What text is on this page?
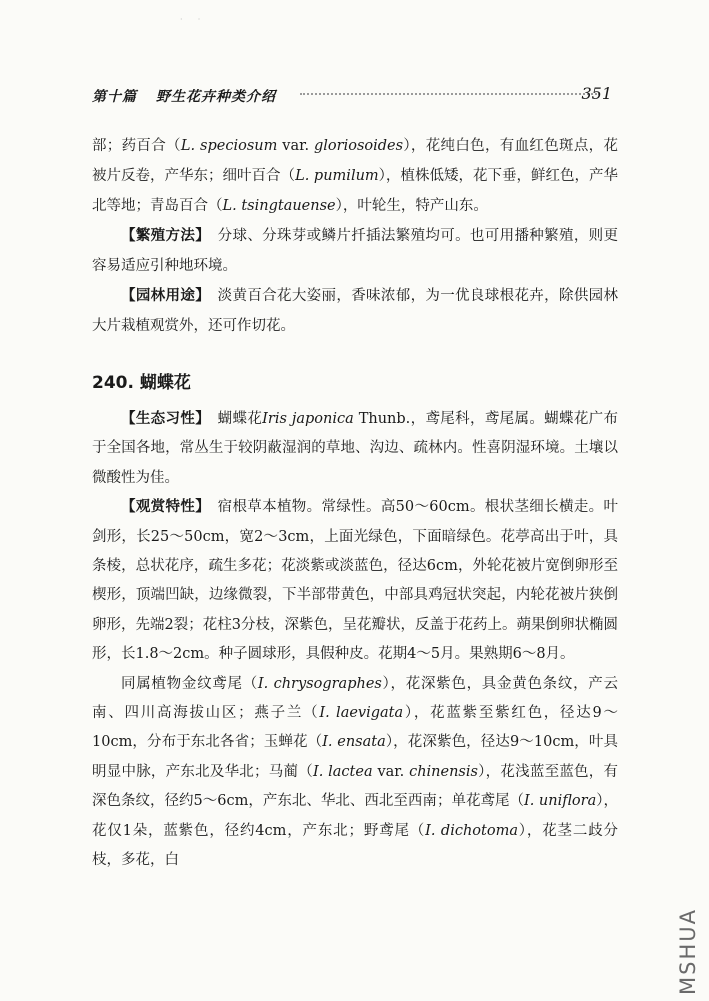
·      ·
第十篇 野生花卉种类介绍	351

部；药百合（L. speciosum var. gloriosoides），花纯白色，有血红色斑点，花被片反卷，产华东；细叶百合（L. pumilum），植株低矮，花下垂，鲜红色，产华北等地；青岛百合（L. tsingtauense），叶轮生，特产山东。

【繁殖方法】　分球、分珠芽或鳞片扦插法繁殖均可。也可用播种繁殖，则更容易适应引种地环境。

【园林用途】　淡黄百合花大姿丽，香味浓郁，为一优良球根花卉，除供园林大片栽植观赏外，还可作切花。

240. 蝴蝶花

【生态习性】　蝴蝶花Iris japonica Thunb.，鸢尾科，鸢尾属。蝴蝶花广布于全国各地，常丛生于较阴蔽湿润的草地、沟边、疏林内。性喜阴湿环境。土壤以微酸性为佳。

【观赏特性】　宿根草本植物。常绿性。高50～60cm。根状茎细长横走。叶剑形，长25～50cm，宽2～3cm，上面光绿色，下面暗绿色。花葶高出于叶，具条棱，总状花序，疏生多花；花淡紫或淡蓝色，径达6cm，外轮花被片宽倒卵形至楔形，顶端凹缺，边缘微裂，下半部带黄色，中部具鸡冠状突起，内轮花被片狭倒卵形，先端2裂；花柱3分枝，深紫色，呈花瓣状，反盖于花药上。蒴果倒卵状椭圆形，长1.8～2cm。种子圆球形，具假种皮。花期4～5月。果熟期6～8月。

同属植物金纹鸢尾（I. chrysographes），花深紫色，具金黄色条纹，产云南、四川高海拔山区；燕子兰（I. laevigata），花蓝紫至紫红色，径达9～10cm，分布于东北各省；玉蝉花（I. ensata），花深紫色，径达9～10cm，叶具明显中脉，产东北及华北；马蔺（I. lactea var. chinensis），花浅蓝至蓝色，有深色条纹，径约5～6cm，产东北、华北、西北至西南；单花鸢尾（I. uniflora），花仅1朵，蓝紫色，径约4cm，产东北；野鸢尾（I. dichotoma），花茎二歧分枝，多花，白

MSHUA
